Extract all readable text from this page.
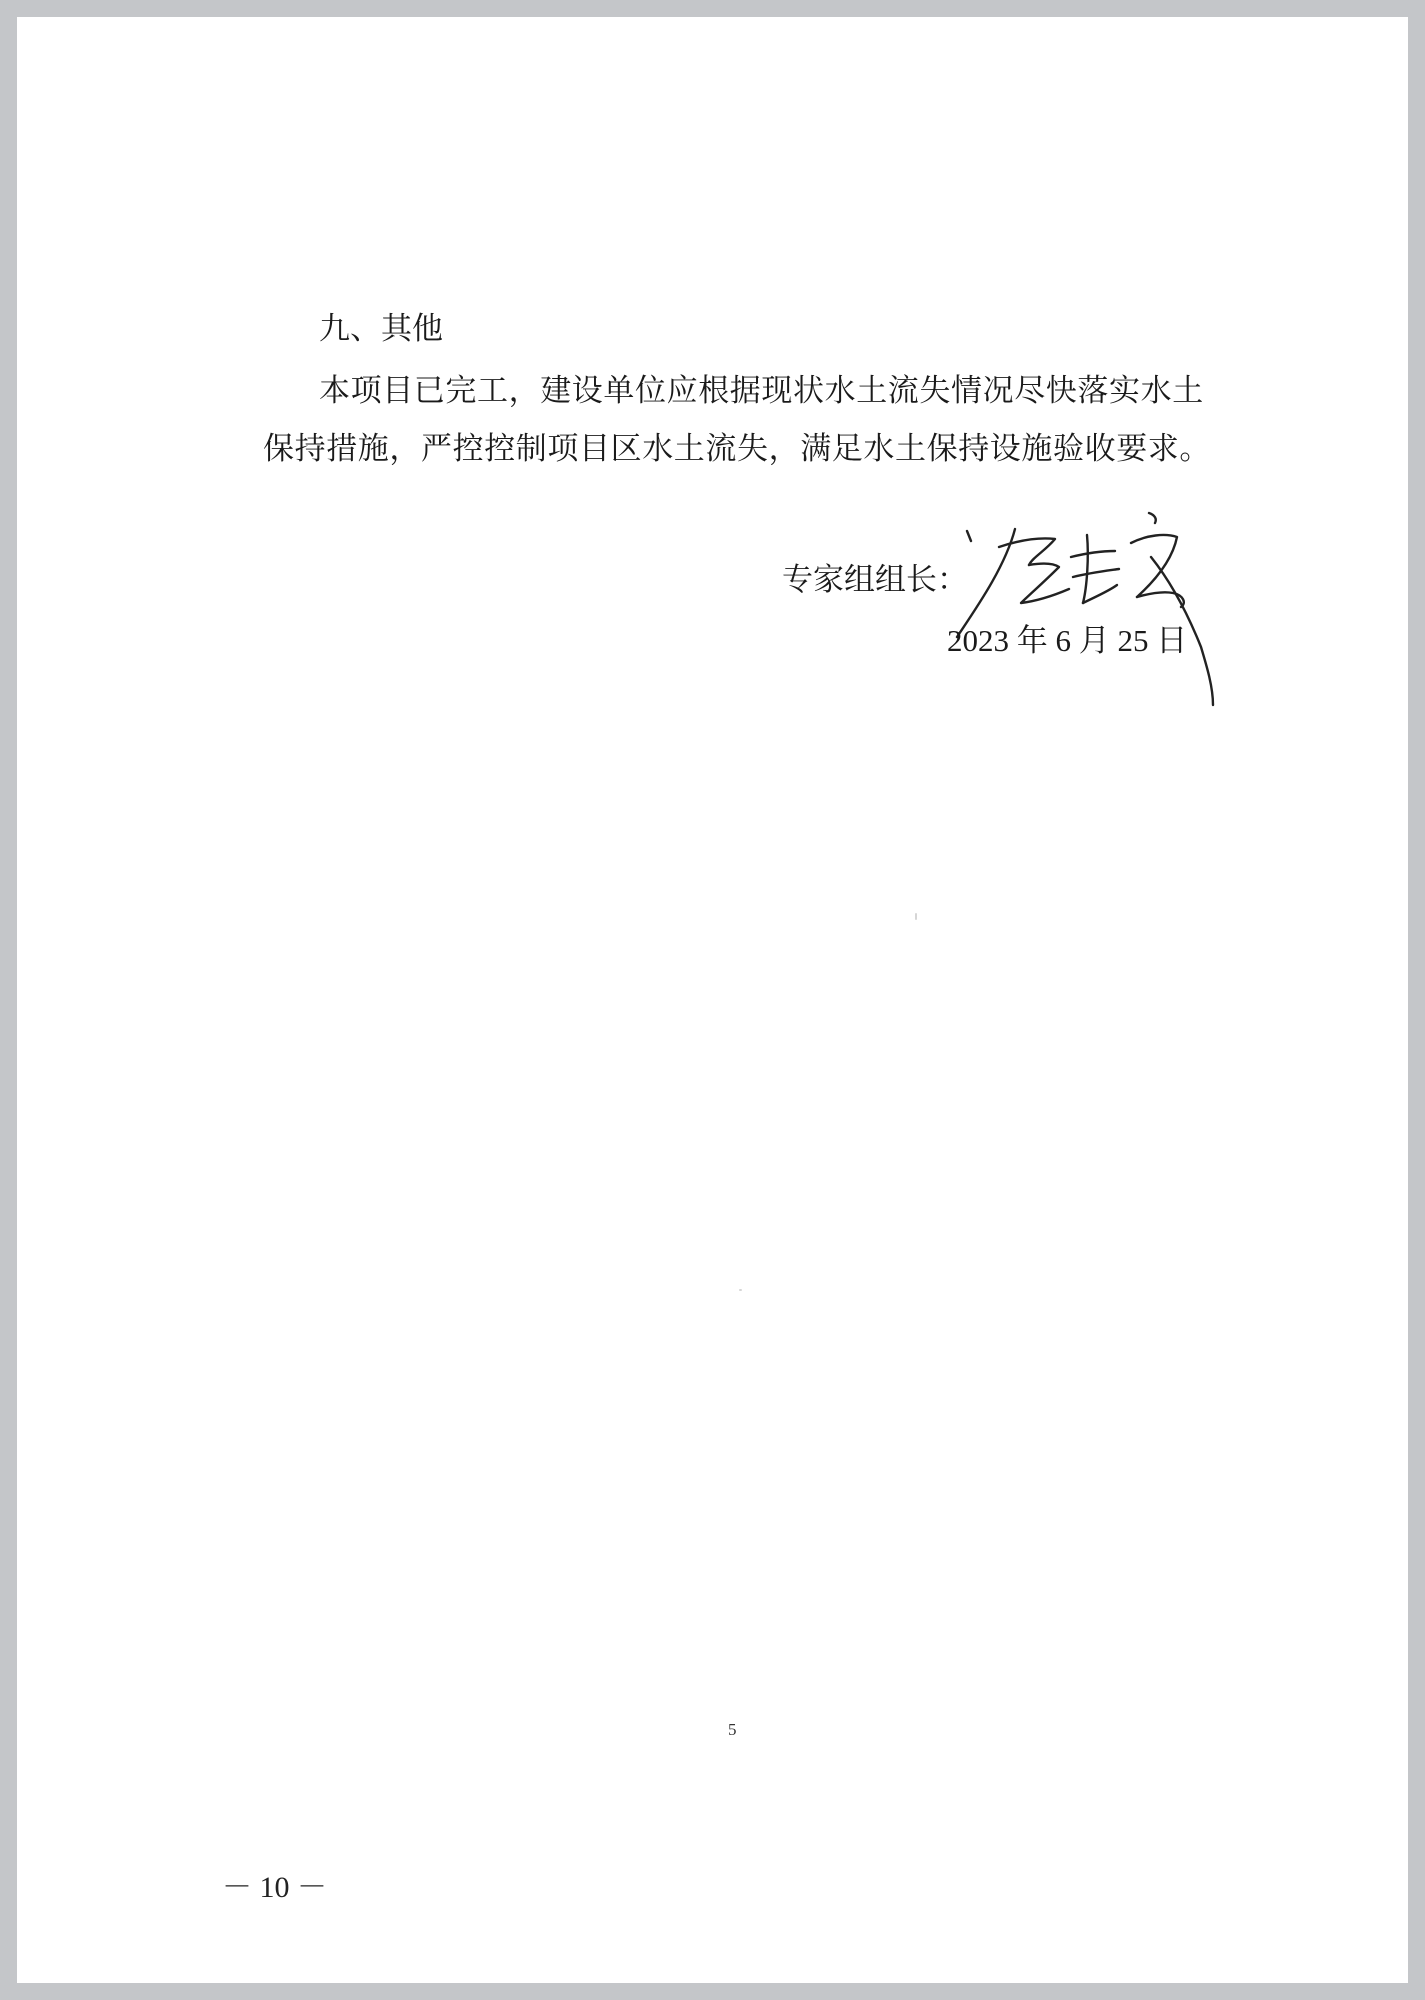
九、其他
本项目已完工，建设单位应根据现状水土流失情况尽快落实水土
保持措施，严控控制项目区水土流失，满足水土保持设施验收要求。
专家组组长：
2023 年 6 月 25 日
5
－ 10 －
